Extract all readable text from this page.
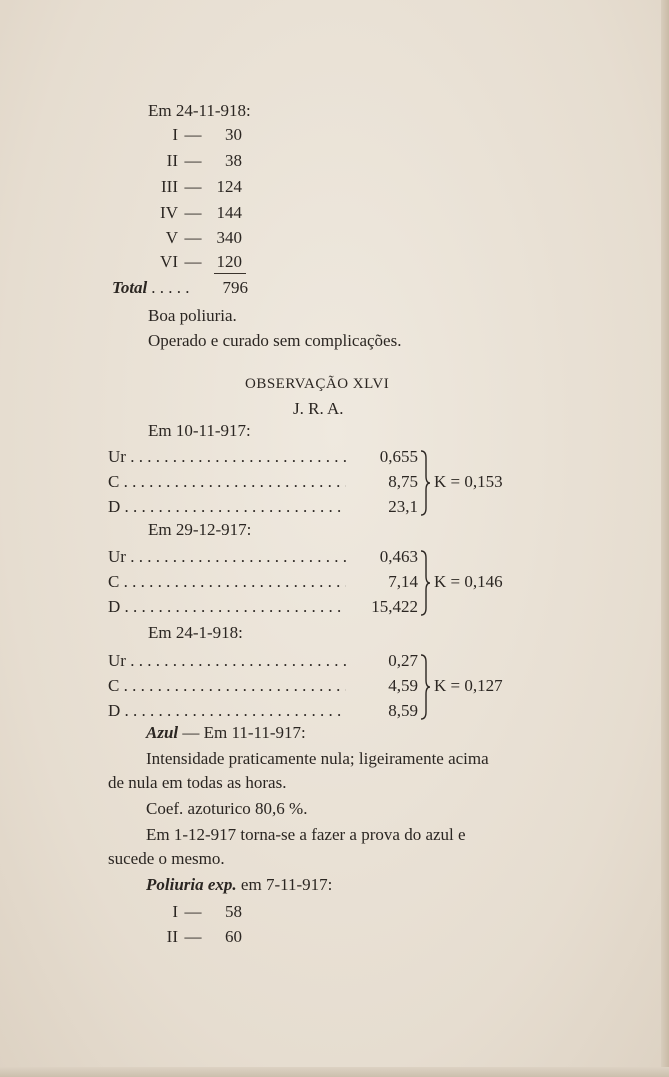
Em 24-11-918:
I — 30
II — 38
III — 124
IV — 144
V — 340
VI — 120
Total . . . . .	796
Boa poliuria.
Operado e curado sem complicações.
OBSERVAÇÃO XLVI
J. R. A.
Em 10-11-917:
Ur . . .	0,655
C . . .	8,75
D . . .	23,1
K = 0,153
Em 29-12-917:
Ur . . .	0,463
C . . .	7,14
D . . .	15,422
K = 0,146
Em 24-1-918:
Ur . . .	0,27
C . . .	4,59
D . . .	8,59
K = 0,127
Azul — Em 11-11-917:
Intensidade praticamente nula; ligeiramente acima
de nula em todas as horas.
Coef. azoturico 80,6 %.
Em 1-12-917 torna-se a fazer a prova do azul e
sucede o mesmo.
Poliuria exp. em 7-11-917:
I — 58
II — 60
